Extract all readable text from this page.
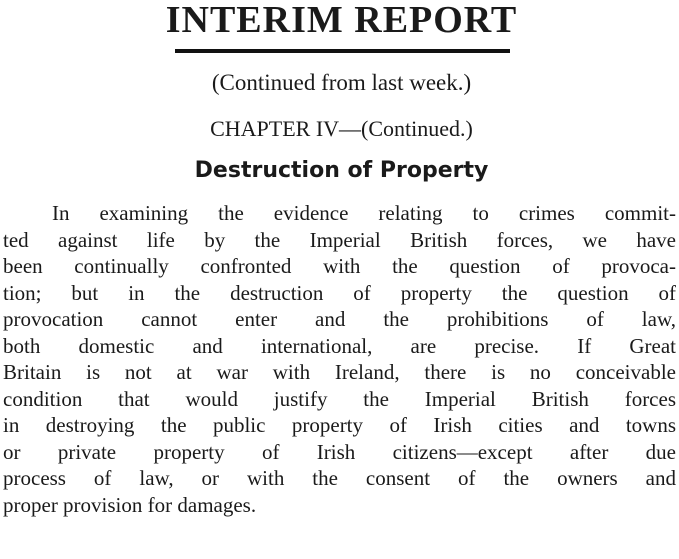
INTERIM REPORT
(Continued from last week.)
CHAPTER IV—(Continued.)
Destruction of Property
In examining the evidence relating to crimes commit-
ted against life by the Imperial British forces, we have
been continually confronted with the question of provoca-
tion; but in the destruction of property the question of
provocation cannot enter and the prohibitions of law,
both domestic and international, are precise. If Great
Britain is not at war with Ireland, there is no conceivable
condition that would justify the Imperial British forces
in destroying the public property of Irish cities and towns
or private property of Irish citizens—except after due
process of law, or with the consent of the owners and
proper provision for damages.
